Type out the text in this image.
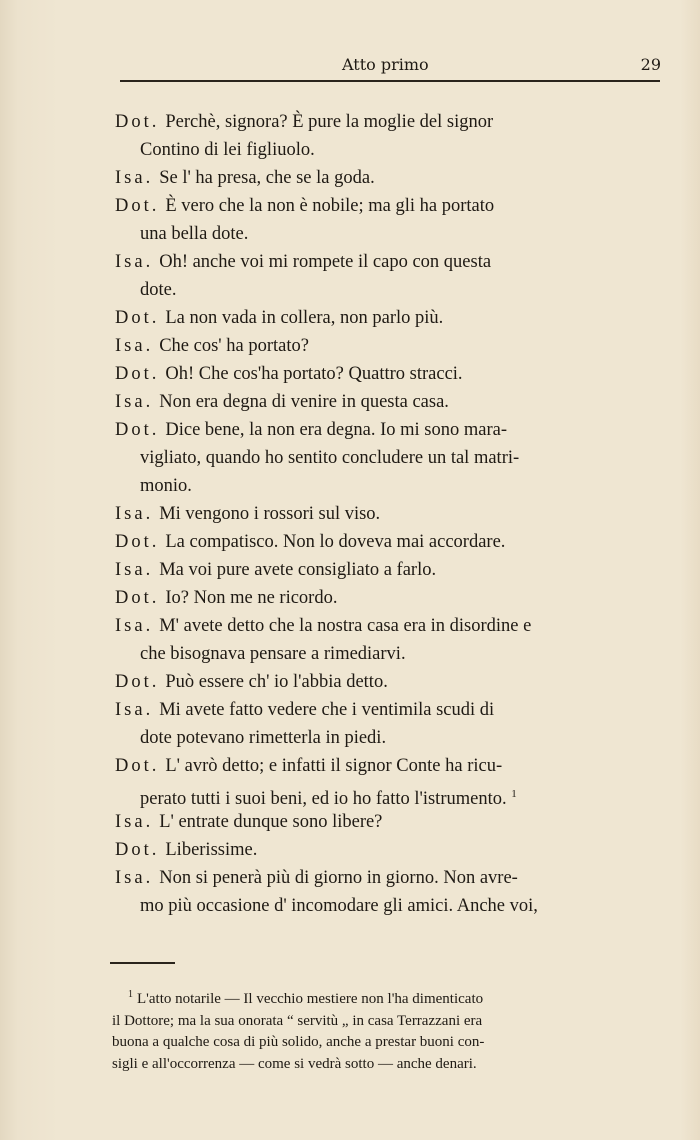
Atto primo	29
Dot. Perchè, signora? È pure la moglie del signor
Contino di lei figliuolo.
Isa. Se l' ha presa, che se la goda.
Dot. È vero che la non è nobile; ma gli ha portato
una bella dote.
Isa. Oh! anche voi mi rompete il capo con questa
dote.
Dot. La non vada in collera, non parlo più.
Isa. Che cos' ha portato?
Dot. Oh! Che cos'ha portato? Quattro stracci.
Isa. Non era degna di venire in questa casa.
Dot. Dice bene, la non era degna. Io mi sono mara-
vigliato, quando ho sentito concludere un tal matri-
monio.
Isa. Mi vengono i rossori sul viso.
Dot. La compatisco. Non lo doveva mai accordare.
Isa. Ma voi pure avete consigliato a farlo.
Dot. Io? Non me ne ricordo.
Isa. M' avete detto che la nostra casa era in disordine e
che bisognava pensare a rimediarvi.
Dot. Può essere ch' io l'abbia detto.
Isa. Mi avete fatto vedere che i ventimila scudi di
dote potevano rimetterla in piedi.
Dot. L' avrò detto; e infatti il signor Conte ha ricu-
perato tutti i suoi beni, ed io ho fatto l'istrumento. $^1$
Isa. L' entrate dunque sono libere?
Dot. Liberissime.
Isa. Non si penerà più di giorno in giorno. Non avre-
mo più occasione d' incomodare gli amici. Anche voi,
$^1$ L'atto notarile — Il vecchio mestiere non l'ha dimenticato
il Dottore; ma la sua onorata “ servitù „ in casa Terrazzani era
buona a qualche cosa di più solido, anche a prestar buoni con-
sigli e all'occorrenza — come si vedrà sotto — anche denari.
